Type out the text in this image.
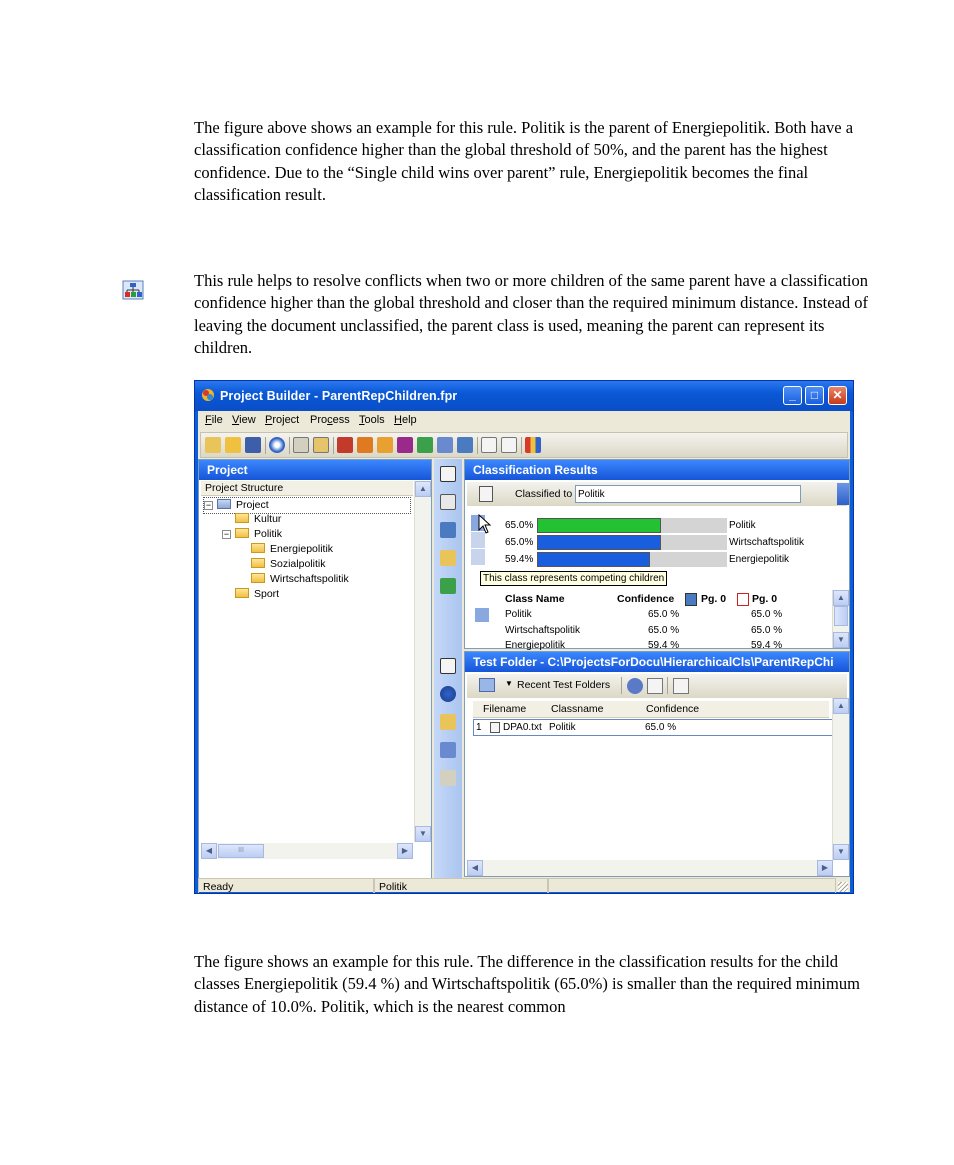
The figure above shows an example for this rule. Politik is the parent of Energiepolitik. Both have a classification confidence higher than the global threshold of 50%, and the parent has the highest confidence. Due to the “Single child wins over parent” rule, Energiepolitik becomes the final classification result.

This rule helps to resolve conflicts when two or more children of the same parent have a classification confidence higher than the global threshold and closer than the required minimum distance. Instead of leaving the document unclassified, the parent class is used, meaning the parent can represent its children.

Project Builder - ParentRepChildren.fpr	_	□	✕
File View Project Process Tools Help
Project
Project Structure
− Project
Kultur
− Politik
Energiepolitik
Sozialpolitik
Wirtschaftspolitik
Sport
▲
▼
◀	III	▶
Classification Results
Classified to Politik
65.0%	Politik
65.0%	Wirtschaftspolitik
59.4%	Energiepolitik
This class represents competing children
Class Name	Confidence	Pg. 0 Pg. 0
Politik	65.0 %	65.0 %
Wirtschaftspolitik	65.0 %	65.0 %
Energiepolitik	59.4 %	59.4 %
▲
▼
Test Folder - C:\ProjectsForDocu\HierarchicalCls\ParentRepChi
▼ Recent Test Folders
Filename Classname	Confidence
1 DPA0.txt Politik	65.0 %
▲
▼
◀	▶
Ready	Politik

The figure shows an example for this rule. The difference in the classification results for the child classes Energiepolitik (59.4 %) and Wirtschaftspolitik (65.0%) is smaller than the required minimum distance of 10.0%. Politik, which is the nearest common
